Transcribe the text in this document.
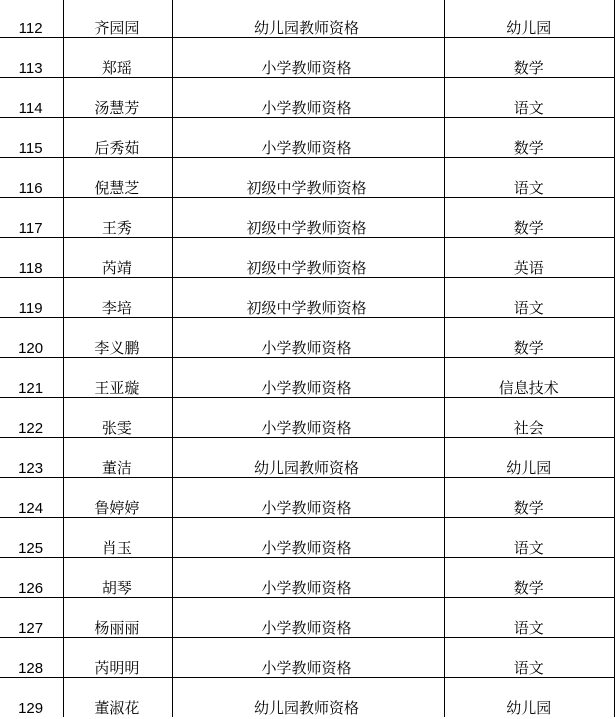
112	齐园园	幼儿园教师资格	幼儿园
113	郑瑶	小学教师资格	数学
114	汤慧芳	小学教师资格	语文
115	后秀茹	小学教师资格	数学
116	倪慧芝	初级中学教师资格	语文
117	王秀	初级中学教师资格	数学
118	芮靖	初级中学教师资格	英语
119	李培	初级中学教师资格	语文
120	李义鹏	小学教师资格	数学
121	王亚璇	小学教师资格	信息技术
122	张雯	小学教师资格	社会
123	董洁	幼儿园教师资格	幼儿园
124	鲁婷婷	小学教师资格	数学
125	肖玉	小学教师资格	语文
126	胡琴	小学教师资格	数学
127	杨丽丽	小学教师资格	语文
128	芮明明	小学教师资格	语文
129	董淑花	幼儿园教师资格	幼儿园
